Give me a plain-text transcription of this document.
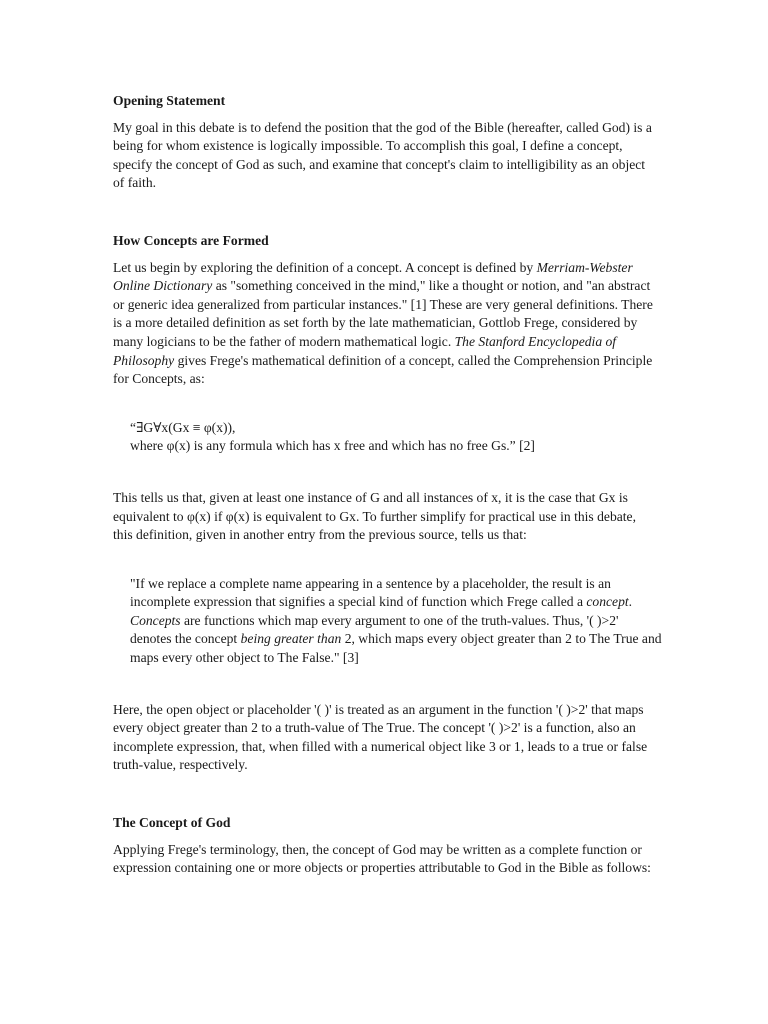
Opening Statement

My goal in this debate is to defend the position that the god of the Bible (hereafter, called God) is a being for whom existence is logically impossible. To accomplish this goal, I define a concept, specify the concept of God as such, and examine that concept's claim to intelligibility as an object of faith.

How Concepts are Formed

Let us begin by exploring the definition of a concept. A concept is defined by Merriam-Webster Online Dictionary as "something conceived in the mind," like a thought or notion, and "an abstract or generic idea generalized from particular instances." [1] These are very general definitions. There is a more detailed definition as set forth by the late mathematician, Gottlob Frege, considered by many logicians to be the father of modern mathematical logic. The Stanford Encyclopedia of Philosophy gives Frege's mathematical definition of a concept, called the Comprehension Principle for Concepts, as:

“∃G∀x(Gx ≡ φ(x)),

where φ(x) is any formula which has x free and which has no free Gs.” [2]

This tells us that, given at least one instance of G and all instances of x, it is the case that Gx is equivalent to φ(x) if φ(x) is equivalent to Gx. To further simplify for practical use in this debate, this definition, given in another entry from the previous source, tells us that:

"If we replace a complete name appearing in a sentence by a placeholder, the result is an incomplete expression that signifies a special kind of function which Frege called a concept. Concepts are functions which map every argument to one of the truth-values. Thus, '( )>2' denotes the concept being greater than 2, which maps every object greater than 2 to The True and maps every other object to The False." [3]

Here, the open object or placeholder '( )' is treated as an argument in the function '( )>2' that maps every object greater than 2 to a truth-value of The True. The concept '( )>2' is a function, also an incomplete expression, that, when filled with a numerical object like 3 or 1, leads to a true or false truth-value, respectively.

The Concept of God

Applying Frege's terminology, then, the concept of God may be written as a complete function or expression containing one or more objects or properties attributable to God in the Bible as follows:
